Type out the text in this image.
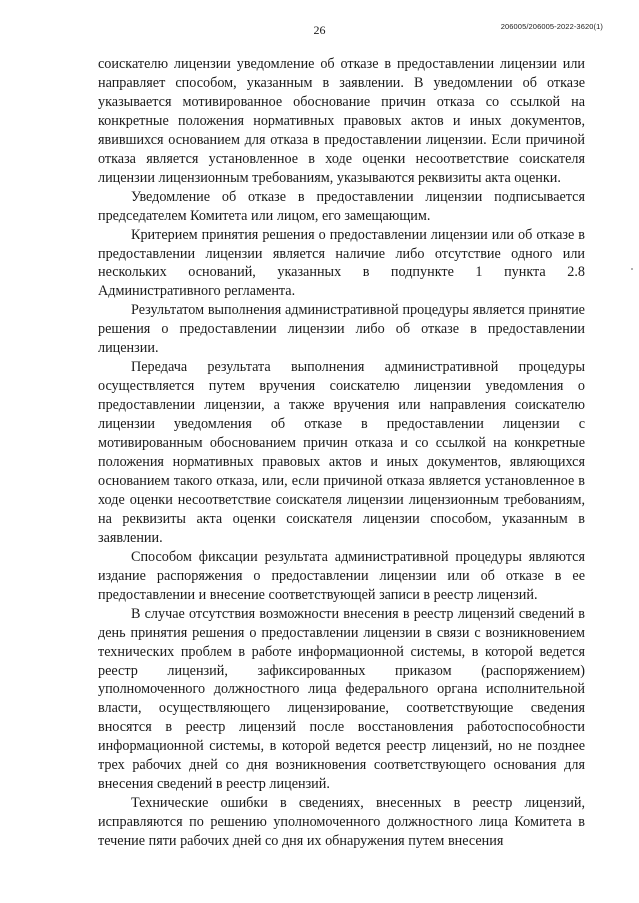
26	206005/206005-2022-3620(1)

соискателю лицензии уведомление об отказе в предоставлении лицензии или направляет способом, указанным в заявлении. В уведомлении об отказе указывается мотивированное обоснование причин отказа со ссылкой на конкретные положения нормативных правовых актов и иных документов, явившихся основанием для отказа в предоставлении лицензии. Если причиной отказа является установленное в ходе оценки несоответствие соискателя лицензии лицензионным требованиям, указываются реквизиты акта оценки.

Уведомление об отказе в предоставлении лицензии подписывается председателем Комитета или лицом, его замещающим.

Критерием принятия решения о предоставлении лицензии или об отказе в предоставлении лицензии является наличие либо отсутствие одного или нескольких оснований, указанных в подпункте 1 пункта 2.8 Административного регламента.

Результатом выполнения административной процедуры является принятие решения о предоставлении лицензии либо об отказе в предоставлении лицензии.

Передача результата выполнения административной процедуры осуществляется путем вручения соискателю лицензии уведомления о предоставлении лицензии, а также вручения или направления соискателю лицензии уведомления об отказе в предоставлении лицензии с мотивированным обоснованием причин отказа и со ссылкой на конкретные положения нормативных правовых актов и иных документов, являющихся основанием такого отказа, или, если причиной отказа является установленное в ходе оценки несоответствие соискателя лицензии лицензионным требованиям, на реквизиты акта оценки соискателя лицензии способом, указанным в заявлении.

Способом фиксации результата административной процедуры являются издание распоряжения о предоставлении лицензии или об отказе в ее предоставлении и внесение соответствующей записи в реестр лицензий.

В случае отсутствия возможности внесения в реестр лицензий сведений в день принятия решения о предоставлении лицензии в связи с возникновением технических проблем в работе информационной системы, в которой ведется реестр лицензий, зафиксированных приказом (распоряжением) уполномоченного должностного лица федерального органа исполнительной власти, осуществляющего лицензирование, соответствующие сведения вносятся в реестр лицензий после восстановления работоспособности информационной системы, в которой ведется реестр лицензий, но не позднее трех рабочих дней со дня возникновения соответствующего основания для внесения сведений в реестр лицензий.

Технические ошибки в сведениях, внесенных в реестр лицензий, исправляются по решению уполномоченного должностного лица Комитета в течение пяти рабочих дней со дня их обнаружения путем внесения
